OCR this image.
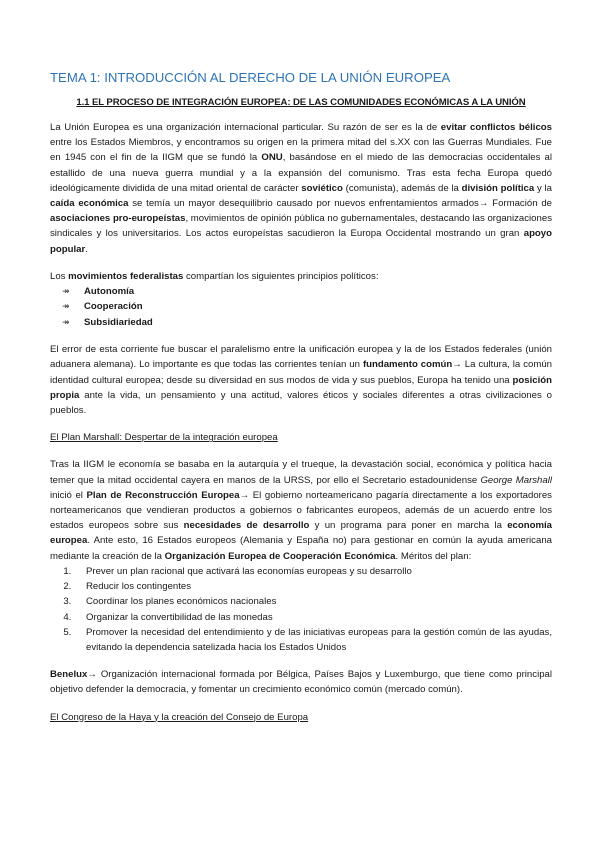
TEMA 1: INTRODUCCIÓN AL DERECHO DE LA UNIÓN EUROPEA
1.1 EL PROCESO DE INTEGRACIÓN EUROPEA: DE LAS COMUNIDADES ECONÓMICAS A LA UNIÓN

La Unión Europea es una organización internacional particular. Su razón de ser es la de evitar conflictos bélicos entre los Estados Miembros, y encontramos su origen en la primera mitad del s.XX con las Guerras Mundiales. Fue en 1945 con el fin de la IIGM que se fundó la ONU, basándose en el miedo de las democracias occidentales al estallido de una nueva guerra mundial y a la expansión del comunismo. Tras esta fecha Europa quedó ideológicamente dividida de una mitad oriental de carácter soviético (comunista), además de la división política y la caída económica se temía un mayor desequilibrio causado por nuevos enfrentamientos armados→ Formación de asociaciones pro-europeístas, movimientos de opinión pública no gubernamentales, destacando las organizaciones sindicales y los universitarios. Los actos europeístas sacudieron la Europa Occidental mostrando un gran apoyo popular.

Los movimientos federalistas compartían los siguientes principios políticos:

↠	Autonomía
↠	Cooperación
↠	Subsidiariedad

El error de esta corriente fue buscar el paralelismo entre la unificación europea y la de los Estados federales (unión aduanera alemana). Lo importante es que todas las corrientes tenían un fundamento común→ La cultura, la común identidad cultural europea; desde su diversidad en sus modos de vida y sus pueblos, Europa ha tenido una posición propia ante la vida, un pensamiento y una actitud, valores éticos y sociales diferentes a otras civilizaciones o pueblos.

El Plan Marshall: Despertar de la integración europea

Tras la IIGM le economía se basaba en la autarquía y el trueque, la devastación social, económica y política hacia temer que la mitad occidental cayera en manos de la URSS, por ello el Secretario estadounidense George Marshall inició el Plan de Reconstrucción Europea→ El gobierno norteamericano pagaría directamente a los exportadores norteamericanos que vendieran productos a gobiernos o fabricantes europeos, además de un acuerdo entre los estados europeos sobre sus necesidades de desarrollo y un programa para poner en marcha la economía europea. Ante esto, 16 Estados europeos (Alemania y España no) para gestionar en común la ayuda americana mediante la creación de la Organización Europea de Cooperación Económica. Méritos del plan:

1. Prever un plan racional que activará las economías europeas y su desarrollo
2. Reducir los contingentes
3. Coordinar los planes económicos nacionales
4. Organizar la convertibilidad de las monedas
5. Promover la necesidad del entendimiento y de las iniciativas europeas para la gestión común de las ayudas, evitando la dependencia satelizada hacia los Estados Unidos

Benelux→ Organización internacional formada por Bélgica, Países Bajos y Luxemburgo, que tiene como principal objetivo defender la democracia, y fomentar un crecimiento económico común (mercado común).

El Congreso de la Haya y la creación del Consejo de Europa
